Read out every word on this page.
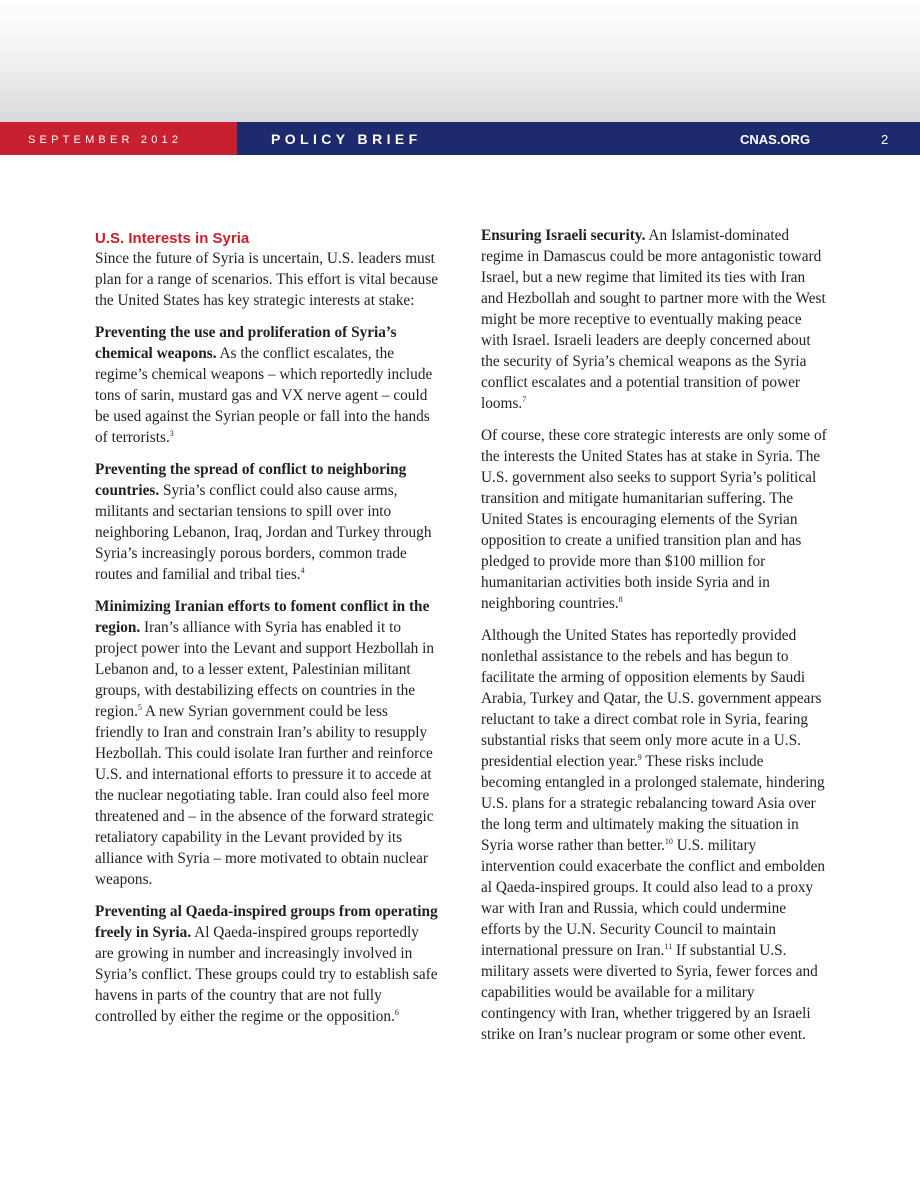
SEPTEMBER 2012	POLICY BRIEF	CNAS.ORG	2
U.S. Interests in Syria

Since the future of Syria is uncertain, U.S. leaders must plan for a range of scenarios. This effort is vital because the United States has key strategic interests at stake:

Preventing the use and proliferation of Syria’s chemical weapons. As the conflict escalates, the regime’s chemical weapons – which reportedly include tons of sarin, mustard gas and VX nerve agent – could be used against the Syrian people or fall into the hands of terrorists.$^3$

Preventing the spread of conflict to neighboring countries. Syria’s conflict could also cause arms, militants and sectarian tensions to spill over into neighboring Lebanon, Iraq, Jordan and Turkey through Syria’s increasingly porous borders, common trade routes and familial and tribal ties.$^4$

Minimizing Iranian efforts to foment conflict in the region. Iran’s alliance with Syria has enabled it to project power into the Levant and support Hezbollah in Lebanon and, to a lesser extent, Palestinian militant groups, with destabilizing effects on countries in the region.$^5$ A new Syrian government could be less friendly to Iran and constrain Iran’s ability to resupply Hezbollah. This could isolate Iran further and reinforce U.S. and international efforts to pressure it to accede at the nuclear negotiating table. Iran could also feel more threatened and – in the absence of the forward strategic retaliatory capability in the Levant provided by its alliance with Syria – more motivated to obtain nuclear weapons.

Preventing al Qaeda-inspired groups from operating freely in Syria. Al Qaeda-inspired groups reportedly are growing in number and increasingly involved in Syria’s conflict. These groups could try to establish safe havens in parts of the country that are not fully controlled by either the regime or the opposition.$^6$

Ensuring Israeli security. An Islamist-dominated regime in Damascus could be more antagonistic toward Israel, but a new regime that limited its ties with Iran and Hezbollah and sought to partner more with the West might be more receptive to eventually making peace with Israel. Israeli leaders are deeply concerned about the security of Syria’s chemical weapons as the Syria conflict escalates and a potential transition of power looms.$^7$

Of course, these core strategic interests are only some of the interests the United States has at stake in Syria. The U.S. government also seeks to support Syria’s political transition and mitigate humanitarian suffering. The United States is encouraging elements of the Syrian opposition to create a unified transition plan and has pledged to provide more than $100 million for humanitarian activities both inside Syria and in neighboring countries.$^8$

Although the United States has reportedly provided nonlethal assistance to the rebels and has begun to facilitate the arming of opposition elements by Saudi Arabia, Turkey and Qatar, the U.S. government appears reluctant to take a direct combat role in Syria, fearing substantial risks that seem only more acute in a U.S. presidential election year.$^9$ These risks include becoming entangled in a prolonged stalemate, hindering U.S. plans for a strategic rebalancing toward Asia over the long term and ultimately making the situation in Syria worse rather than better.$^{10}$ U.S. military intervention could exacerbate the conflict and embolden al Qaeda-inspired groups. It could also lead to a proxy war with Iran and Russia, which could undermine efforts by the U.N. Security Council to maintain international pressure on Iran.$^{11}$ If substantial U.S. military assets were diverted to Syria, fewer forces and capabilities would be available for a military contingency with Iran, whether triggered by an Israeli strike on Iran’s nuclear program or some other event.
